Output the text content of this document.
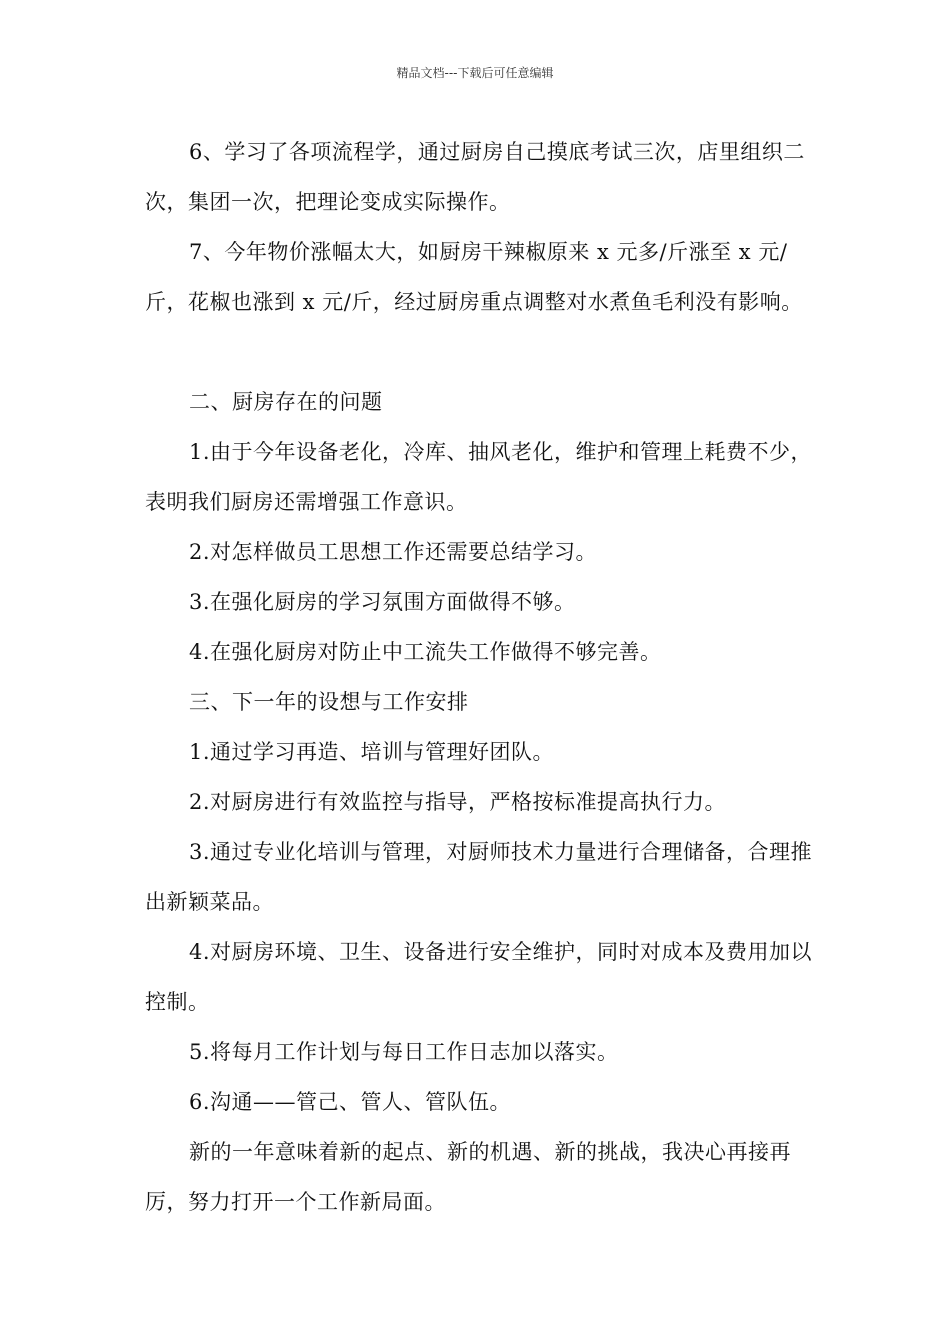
精品文档---下载后可任意编辑

6、学习了各项流程学，通过厨房自己摸底考试三次，店里组织二次，集团一次，把理论变成实际操作。

7、今年物价涨幅太大，如厨房干辣椒原来 x 元多/斤涨至 x 元/斤，花椒也涨到 x 元/斤，经过厨房重点调整对水煮鱼毛利没有影响。

二、厨房存在的问题

1.由于今年设备老化，冷库、抽风老化，维护和管理上耗费不少，表明我们厨房还需增强工作意识。

2.对怎样做员工思想工作还需要总结学习。

3.在强化厨房的学习氛围方面做得不够。

4.在强化厨房对防止中工流失工作做得不够完善。

三、下一年的设想与工作安排

1.通过学习再造、培训与管理好团队。

2.对厨房进行有效监控与指导，严格按标准提高执行力。

3.通过专业化培训与管理，对厨师技术力量进行合理储备，合理推出新颖菜品。

4.对厨房环境、卫生、设备进行安全维护，同时对成本及费用加以控制。

5.将每月工作计划与每日工作日志加以落实。

6.沟通——管己、管人、管队伍。

新的一年意味着新的起点、新的机遇、新的挑战，我决心再接再厉，努力打开一个工作新局面。
